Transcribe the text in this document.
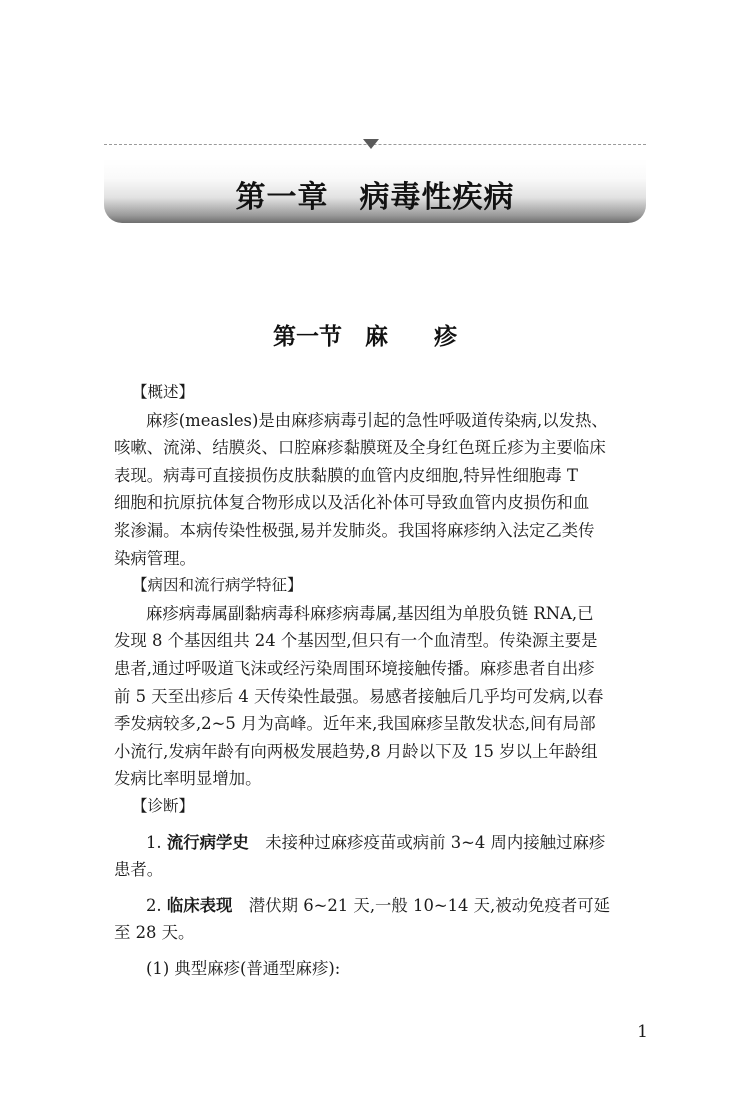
第一章　病毒性疾病
第一节　麻　　疹
【概述】
麻疹(measles)是由麻疹病毒引起的急性呼吸道传染病,以发热、
咳嗽、流涕、结膜炎、口腔麻疹黏膜斑及全身红色斑丘疹为主要临床
表现。病毒可直接损伤皮肤黏膜的血管内皮细胞,特异性细胞毒 T
细胞和抗原抗体复合物形成以及活化补体可导致血管内皮损伤和血
浆渗漏。本病传染性极强,易并发肺炎。我国将麻疹纳入法定乙类传
染病管理。
【病因和流行病学特征】
麻疹病毒属副黏病毒科麻疹病毒属,基因组为单股负链 RNA,已
发现 8 个基因组共 24 个基因型,但只有一个血清型。传染源主要是
患者,通过呼吸道飞沫或经污染周围环境接触传播。麻疹患者自出疹
前 5 天至出疹后 4 天传染性最强。易感者接触后几乎均可发病,以春
季发病较多,2~5 月为高峰。近年来,我国麻疹呈散发状态,间有局部
小流行,发病年龄有向两极发展趋势,8 月龄以下及 15 岁以上年龄组
发病比率明显增加。
【诊断】
1. 流行病学史　未接种过麻疹疫苗或病前 3~4 周内接触过麻疹
患者。
2. 临床表现　潜伏期 6~21 天,一般 10~14 天,被动免疫者可延
至 28 天。
(1) 典型麻疹(普通型麻疹):
1
